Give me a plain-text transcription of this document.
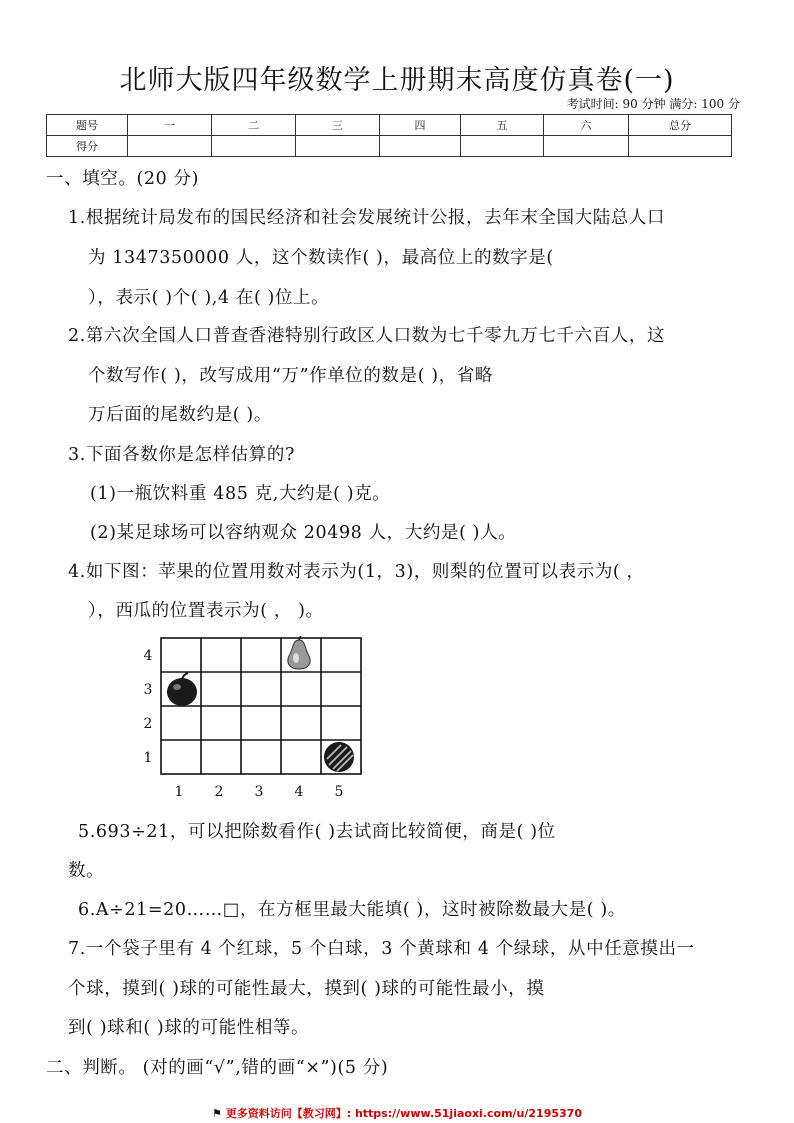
北师大版四年级数学上册期末高度仿真卷(一)
考试时间: 90 分钟 满分: 100 分
题号	一	二	三	四	五	六	总分
得分							
一、填空。(20 分)
1.根据统计局发布的国民经济和社会发展统计公报，去年末全国大陆总人口
为 1347350000 人，这个数读作( )，最高位上的数字是(
），表示( )个( ),4 在( )位上。
2.第六次全国人口普查香港特别行政区人口数为七千零九万七千六百人，这
个数写作( )，改写成用“万”作单位的数是( )，省略
万后面的尾数约是( )。
3.下面各数你是怎样估算的?
(1)一瓶饮料重 485 克,大约是( )克。
(2)某足球场可以容纳观众 20498 人，大约是( )人。
4.如下图：苹果的位置用数对表示为(1，3)，则梨的位置可以表示为( ，
），西瓜的位置表示为( ， )。
4
3
2
1
1 2 3 4 5
5.693÷21，可以把除数看作( )去试商比较简便，商是( )位
数。
6.A÷21=20……□，在方框里最大能填( )，这时被除数最大是( )。
7.一个袋子里有 4 个红球，5 个白球，3 个黄球和 4 个绿球，从中任意摸出一
个球，摸到( )球的可能性最大，摸到( )球的可能性最小，摸
到( )球和( )球的可能性相等。
二、判断。 (对的画“√”,错的画“×”)(5 分)
⚑ 更多资料访问【教习网】: https://www.51jiaoxi.com/u/2195370
